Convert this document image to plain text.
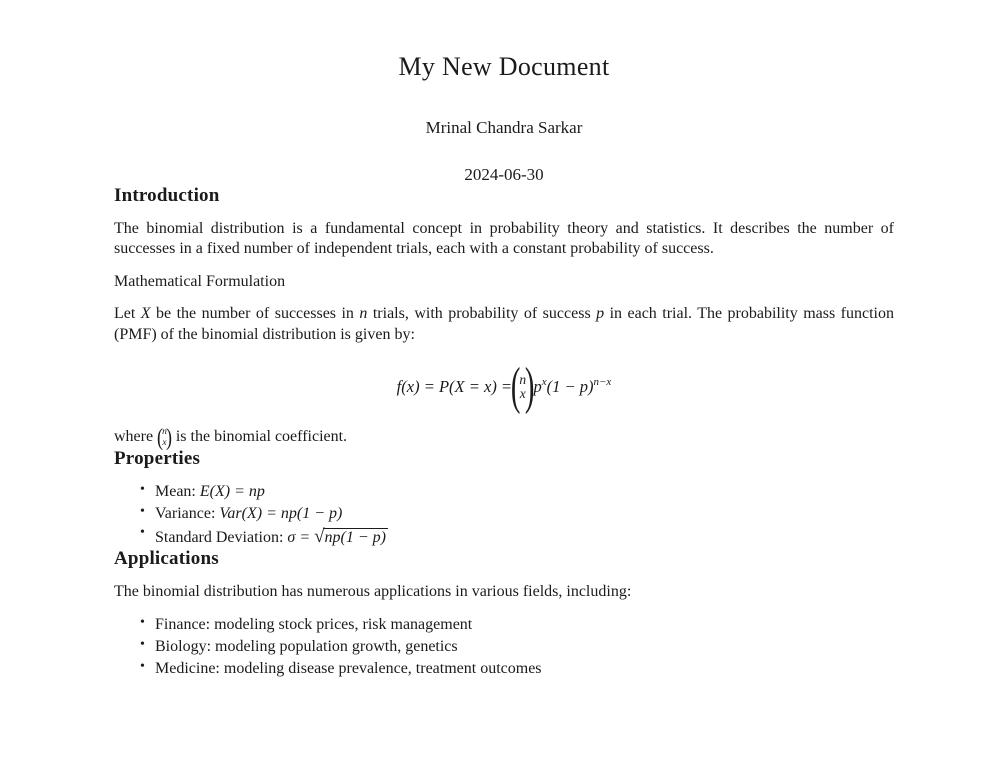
My New Document
Mrinal Chandra Sarkar
2024-06-30
Introduction

The binomial distribution is a fundamental concept in probability theory and statistics. It describes the number of successes in a fixed number of independent trials, each with a constant probability of success.

Mathematical Formulation

Let X be the number of successes in n trials, with probability of success p in each trial. The probability mass function (PMF) of the binomial distribution is given by:

f(x) = P(X = x) =
(
n
x )
$p^x(1 - p)^{n-x}$

where ( n
x ) is the binomial coefficient.

Properties
• Mean: E(X) = np
• Variance: Var(X) = np(1 − p)
• Standard Deviation: σ = √np(1 − p)
Applications

The binomial distribution has numerous applications in various fields, including:

• Finance: modeling stock prices, risk management
• Biology: modeling population growth, genetics
• Medicine: modeling disease prevalence, treatment outcomes
